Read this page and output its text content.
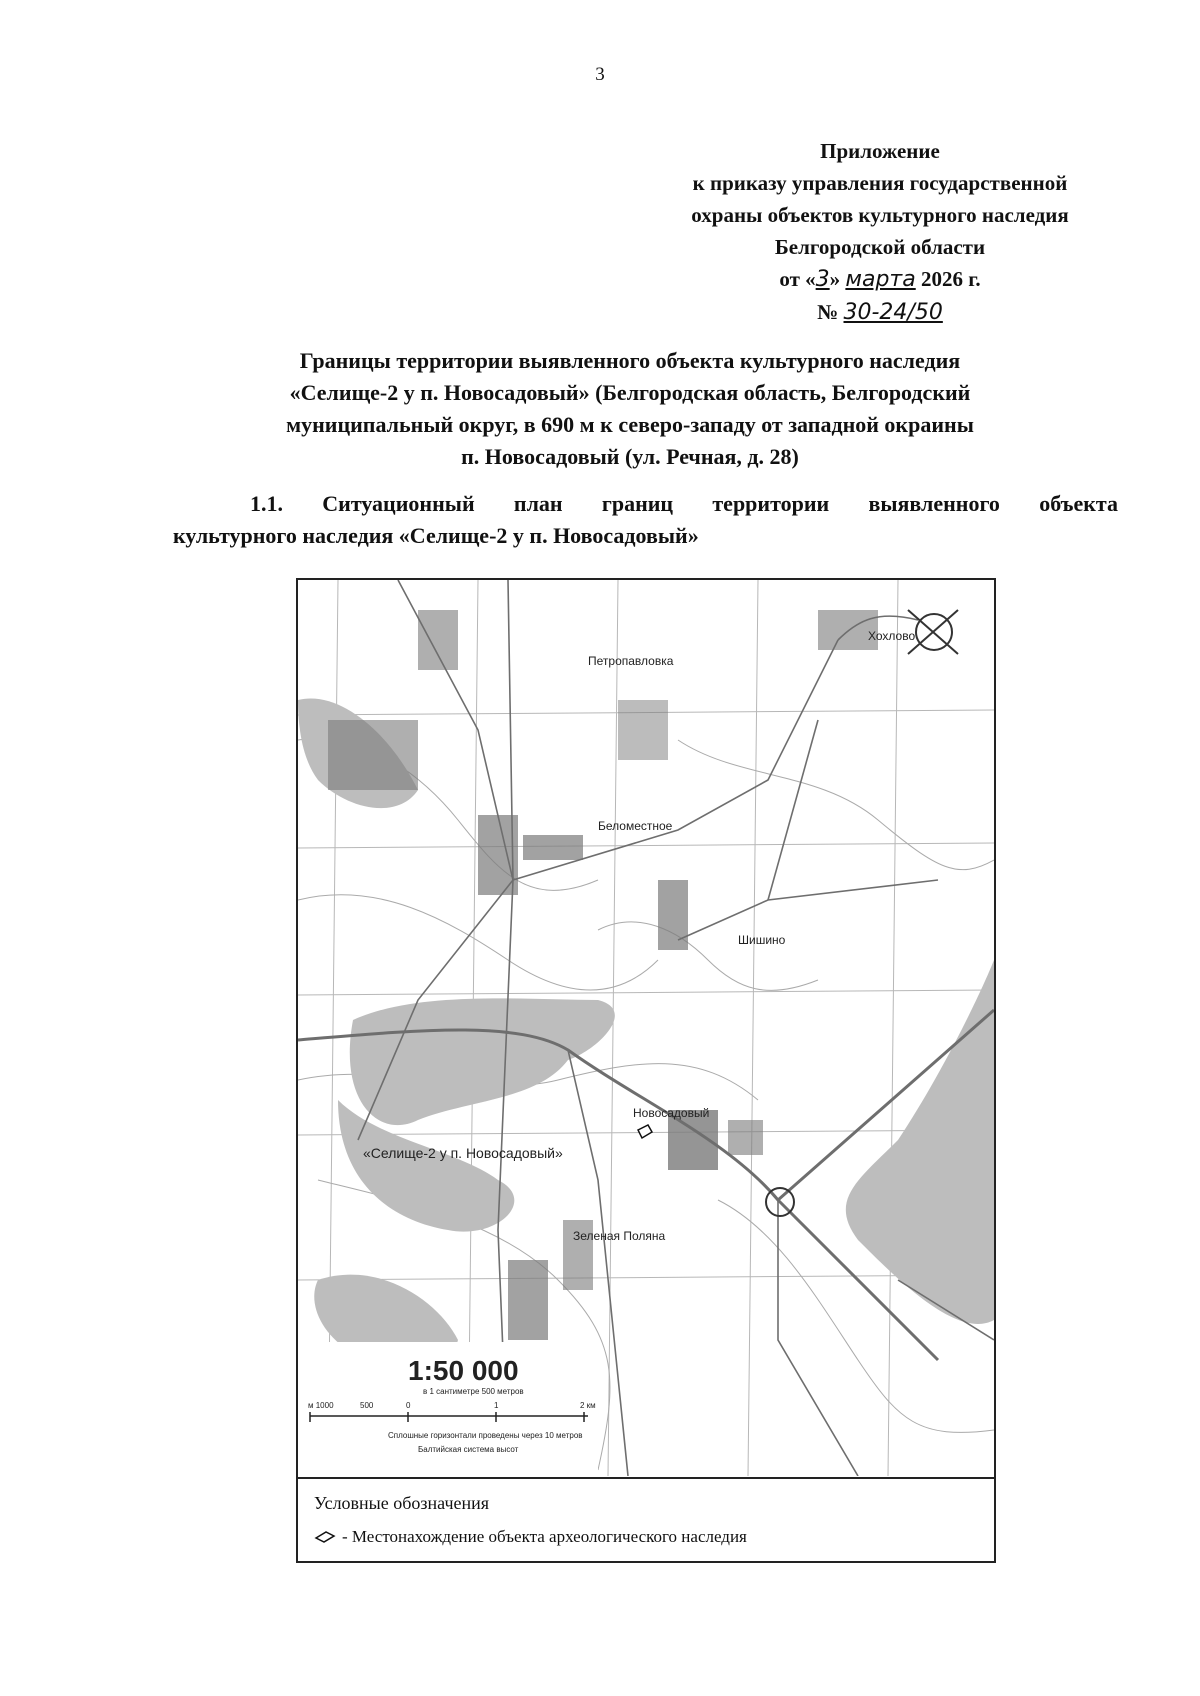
3
Приложение
к приказу управления государственной
охраны объектов культурного наследия
Белгородской области
от «3» марта 2026 г.
№ 30-24/50
Границы территории выявленного объекта культурного наследия
«Селище-2 у п. Новосадовый» (Белгородская область, Белгородский
муниципальный округ, в 690 м к северо-западу от западной окраины
п. Новосадовый (ул. Речная, д. 28)
1.1. Ситуационный план границ территории выявленного объекта
культурного наследия «Селище-2 у п. Новосадовый»
Хохлово
Петропавловка
Беломестное
Шишино
Новосадовый
Зеленая Поляна
«Селище-2 у п. Новосадовый»
1:50 000
в 1 сантиметре 500 метров
м 1000	500	0	1	2 км
Сплошные горизонтали проведены через 10 метров
Балтийская система высот
Условные обозначения
- Местонахождение объекта археологического наследия
